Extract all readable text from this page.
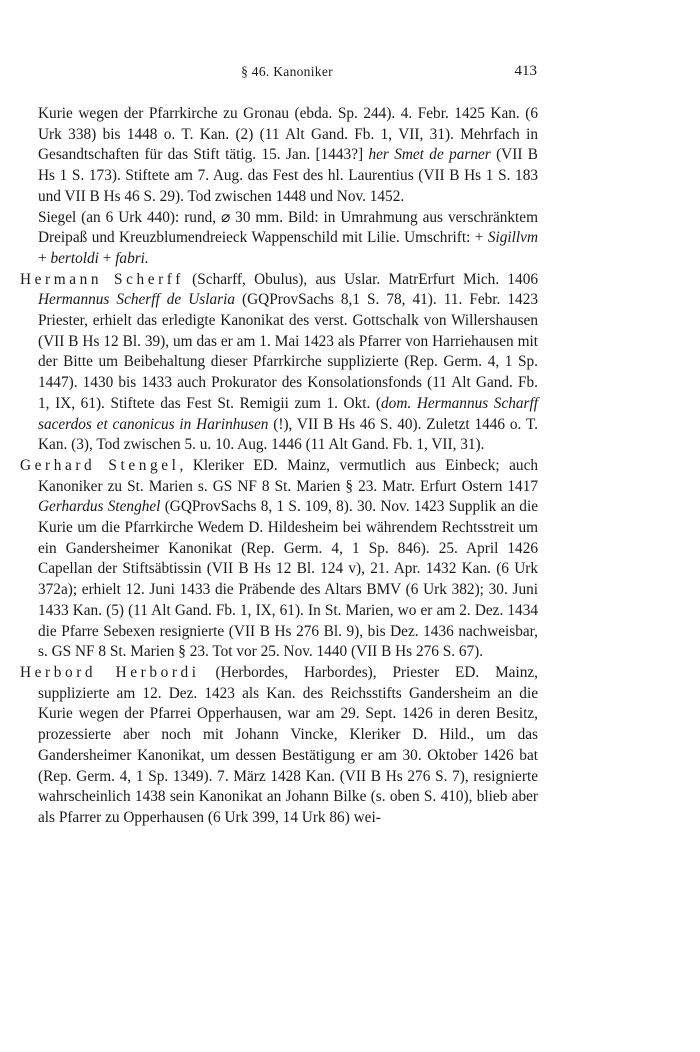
§ 46. Kanoniker	413

Kurie wegen der Pfarrkirche zu Gronau (ebda. Sp. 244). 4. Febr. 1425 Kan. (6 Urk 338) bis 1448 o. T. Kan. (2) (11 Alt Gand. Fb. 1, VII, 31). Mehrfach in Gesandtschaften für das Stift tätig. 15. Jan. [1443?] her Smet de parner (VII B Hs 1 S. 173). Stiftete am 7. Aug. das Fest des hl. Laurentius (VII B Hs 1 S. 183 und VII B Hs 46 S. 29). Tod zwischen 1448 und Nov. 1452.

Siegel (an 6 Urk 440): rund, ⌀ 30 mm. Bild: in Umrahmung aus verschränktem Dreipaß und Kreuzblumendreieck Wappenschild mit Lilie. Umschrift: + Sigillvm + bertoldi + fabri.

Hermann Scherff (Scharff, Obulus), aus Uslar. MatrErfurt Mich. 1406 Hermannus Scherff de Uslaria (GQProvSachs 8,1 S. 78, 41). 11. Febr. 1423 Priester, erhielt das erledigte Kanonikat des verst. Gottschalk von Willershausen (VII B Hs 12 Bl. 39), um das er am 1. Mai 1423 als Pfarrer von Harriehausen mit der Bitte um Beibehaltung dieser Pfarrkirche supplizierte (Rep. Germ. 4, 1 Sp. 1447). 1430 bis 1433 auch Prokurator des Konsolationsfonds (11 Alt Gand. Fb. 1, IX, 61). Stiftete das Fest St. Remigii zum 1. Okt. (dom. Hermannus Scharff sacerdos et canonicus in Harinhusen (!), VII B Hs 46 S. 40). Zuletzt 1446 o. T. Kan. (3), Tod zwischen 5. u. 10. Aug. 1446 (11 Alt Gand. Fb. 1, VII, 31).

Gerhard Stengel, Kleriker ED. Mainz, vermutlich aus Einbeck; auch Kanoniker zu St. Marien s. GS NF 8 St. Marien § 23. Matr. Erfurt Ostern 1417 Gerhardus Stenghel (GQProvSachs 8, 1 S. 109, 8). 30. Nov. 1423 Supplik an die Kurie um die Pfarrkirche Wedem D. Hildesheim bei währendem Rechtsstreit um ein Gandersheimer Kanonikat (Rep. Germ. 4, 1 Sp. 846). 25. April 1426 Capellan der Stiftsäbtissin (VII B Hs 12 Bl. 124 v), 21. Apr. 1432 Kan. (6 Urk 372a); erhielt 12. Juni 1433 die Präbende des Altars BMV (6 Urk 382); 30. Juni 1433 Kan. (5) (11 Alt Gand. Fb. 1, IX, 61). In St. Marien, wo er am 2. Dez. 1434 die Pfarre Sebexen resignierte (VII B Hs 276 Bl. 9), bis Dez. 1436 nachweisbar, s. GS NF 8 St. Marien § 23. Tot vor 25. Nov. 1440 (VII B Hs 276 S. 67).

Herbord Herbordi (Herbordes, Harbordes), Priester ED. Mainz, supplizierte am 12. Dez. 1423 als Kan. des Reichsstifts Gandersheim an die Kurie wegen der Pfarrei Opperhausen, war am 29. Sept. 1426 in deren Besitz, prozessierte aber noch mit Johann Vincke, Kleriker D. Hild., um das Gandersheimer Kanonikat, um dessen Bestätigung er am 30. Oktober 1426 bat (Rep. Germ. 4, 1 Sp. 1349). 7. März 1428 Kan. (VII B Hs 276 S. 7), resignierte wahrscheinlich 1438 sein Kanonikat an Johann Bilke (s. oben S. 410), blieb aber als Pfarrer zu Opperhausen (6 Urk 399, 14 Urk 86) wei-
